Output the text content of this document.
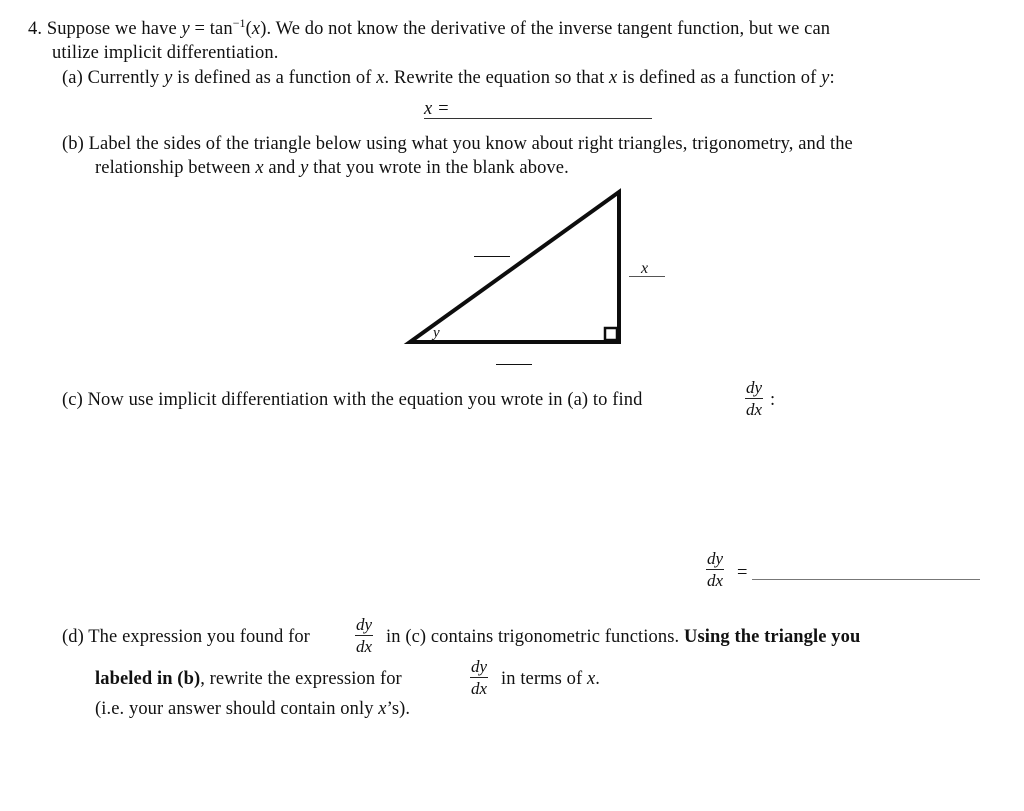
4. Suppose we have $y = \tan^{-1}(x)$. We do not know the derivative of the inverse tangent function, but we can
utilize implicit differentiation.
(a) Currently y is defined as a function of x. Rewrite the equation so that x is defined as a function of y:
x =
(b) Label the sides of the triangle below using what you know about right triangles, trigonometry, and the
relationship between x and y that you wrote in the blank above.
x
y
(c) Now use implicit differentiation with the equation you wrote in (a) to find	$\frac{dy}{dx}$ :
$\frac{dy}{dx}$ =
(d) The expression you found for	$\frac{dy}{dx}$ in (c) contains trigonometric functions. Using the triangle you
labeled in (b), rewrite the expression for	$\frac{dy}{dx}$ in terms of x.
(i.e. your answer should contain only x’s).
